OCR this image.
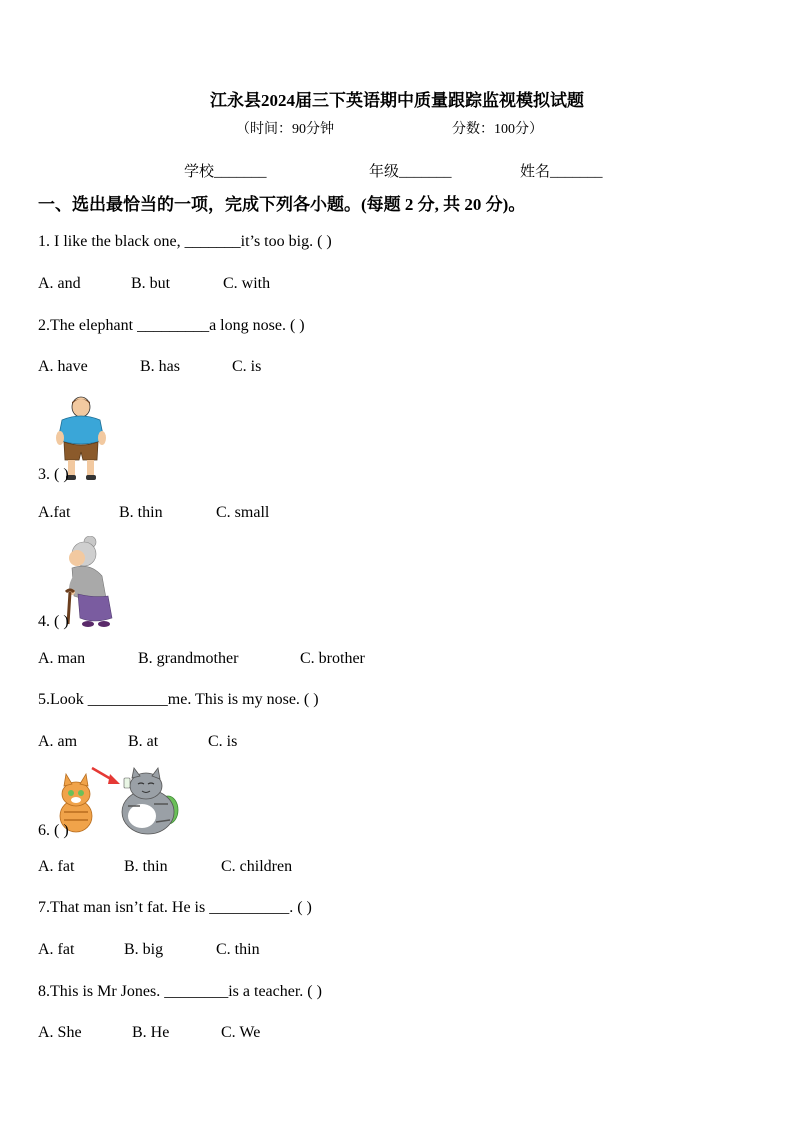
江永县2024届三下英语期中质量跟踪监视模拟试题
（时间：90分钟	分数：100分）
学校_______	年级_______	姓名_______
一、选出最恰当的一项，完成下列各小题。(每题 2 分, 共 20 分)。
1. I like the black one, _______it’s too big. ( )
A. and	B. but	C. with
2.The elephant _________a long nose. ( )
A. have	B. has	C. is
3. ( )
A.fat	B. thin	C. small
4. ( )
A. man	B. grandmother	C. brother
5.Look __________me. This is my nose. ( )
A. am	B. at	C. is
6. ( )
A. fat	B. thin	C. children
7.That man isn’t fat. He is __________. ( )
A. fat	B. big	C. thin
8.This is Mr Jones. ________is a teacher. ( )
A. She	B. He	C. We
